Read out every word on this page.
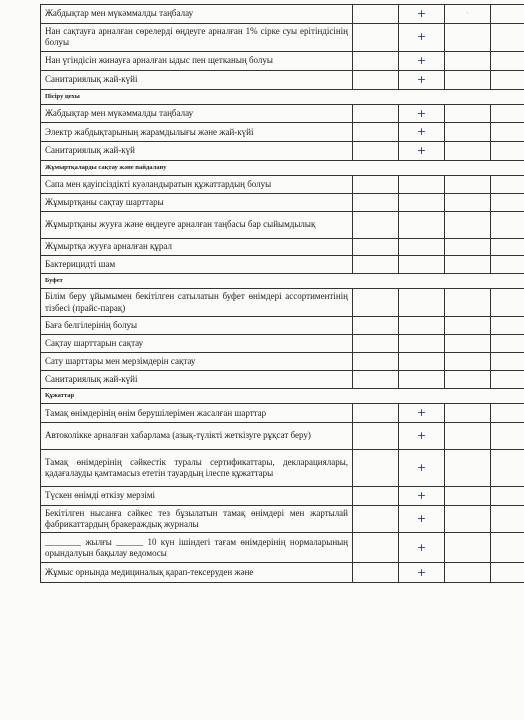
Жабдықтар мен мүкәммалды таңбалау		+	·	
Нан сақтауға арналған сөрелерді өңдеуге арналған 1% сірке суы ерітіндісінің болуы		+		
Нан үгіндісін жинауға арналған ыдыс пен щетканың болуы		+		
Санитариялық жай-күйі		+		
Пісіру цехы				
Жабдықтар мен мүкәммалды таңбалау		+		
Электр жабдықтарының жарамдылығы және жай-күйі		+		
Санитариялық жай-күй		+		
Жұмыртқаларды сақтау және пайдалану				
Сапа мен қауіпсіздікті куәландыратын құжаттардың болуы				
Жұмыртқаны сақтау шарттары				
Жұмыртқаны жууға және өңдеуге арналған таңбасы бар сыйымдылық				
Жұмыртқа жууға арналған құрал				
Бактерицидті шам				
Буфет				
Білім беру ұйымымен бекітілген сатылатын буфет өнімдері ассортиментінің тізбесі (прайс-парақ)				
Баға белгілерінің болуы				
Сақтау шарттарын сақтау				
Сату шарттары мен мерзімдерін сақтау				
Санитариялық жай-күйі				
Құжаттар				
Тамақ өнімдерінің өнім берушілерімен жасалған шарттар		+		
Автоколікке арналған хабарлама (азық-түлікті жеткізуге рұқсат беру)		+		
Тамақ өнімдерінің сәйкестік туралы сертификаттары, декларациялары, қадағалауды қамтамасыз ететін тауардың ілеспе құжаттары		+		
Түскен өнімді өткізу мерзімі		+		
Бекітілген нысанға сәйкес тез бұзылатын тамақ өнімдері мен жартылай фабрикаттардың бракераждық журналы		+		
________ жылғы ______ 10 күн ішіндегі тағам өнімдерінің нормаларының орындалуын бақылау ведомосы		+		
Жұмыс орнында медициналық қарап-тексеруден және		+		
